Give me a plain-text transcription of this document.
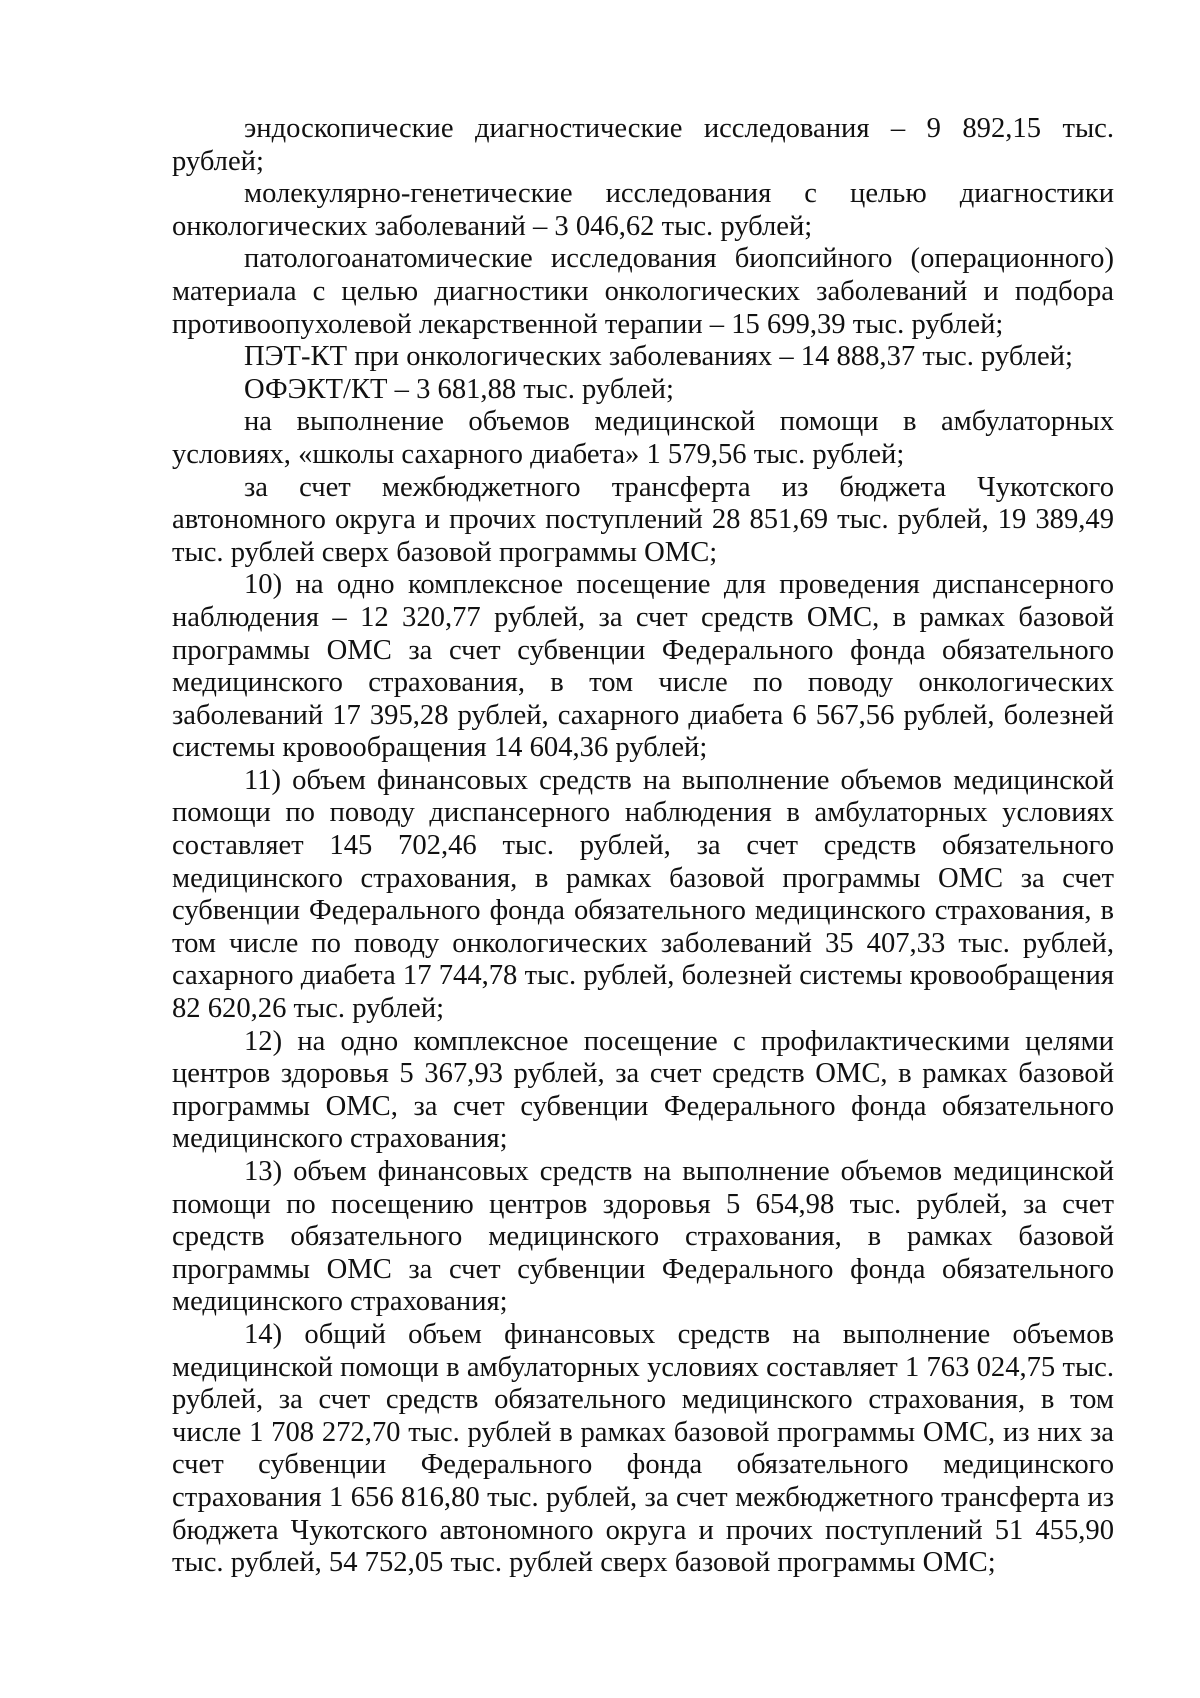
эндоскопические диагностические исследования – 9 892,15 тыс. рублей;

молекулярно-генетические исследования с целью диагностики онкологических заболеваний – 3 046,62 тыс. рублей;

патологоанатомические исследования биопсийного (операционного) материала с целью диагностики онкологических заболеваний и подбора противоопухолевой лекарственной терапии – 15 699,39 тыс. рублей;

ПЭТ-КТ при онкологических заболеваниях – 14 888,37 тыс. рублей;

ОФЭКТ/КТ – 3 681,88 тыс. рублей;

на выполнение объемов медицинской помощи в амбулаторных условиях, «школы сахарного диабета» 1 579,56 тыс. рублей;

за счет межбюджетного трансферта из бюджета Чукотского автономного округа и прочих поступлений 28 851,69 тыс. рублей, 19 389,49 тыс. рублей сверх базовой программы ОМС;

10) на одно комплексное посещение для проведения диспансерного наблюдения – 12 320,77 рублей, за счет средств ОМС, в рамках базовой программы ОМС за счет субвенции Федерального фонда обязательного медицинского страхования, в том числе по поводу онкологических заболеваний 17 395,28 рублей, сахарного диабета 6 567,56 рублей, болезней системы кровообращения 14 604,36 рублей;

11) объем финансовых средств на выполнение объемов медицинской помощи по поводу диспансерного наблюдения в амбулаторных условиях составляет 145 702,46 тыс. рублей, за счет средств обязательного медицинского страхования, в рамках базовой программы ОМС за счет субвенции Федерального фонда обязательного медицинского страхования, в том числе по поводу онкологических заболеваний 35 407,33 тыс. рублей, сахарного диабета 17 744,78 тыс. рублей, болезней системы кровообращения 82 620,26 тыс. рублей;

12) на одно комплексное посещение с профилактическими целями центров здоровья 5 367,93 рублей, за счет средств ОМС, в рамках базовой программы ОМС, за счет субвенции Федерального фонда обязательного медицинского страхования;

13) объем финансовых средств на выполнение объемов медицинской помощи по посещению центров здоровья 5 654,98 тыс. рублей, за счет средств обязательного медицинского страхования, в рамках базовой программы ОМС за счет субвенции Федерального фонда обязательного медицинского страхования;

14) общий объем финансовых средств на выполнение объемов медицинской помощи в амбулаторных условиях составляет 1 763 024,75 тыс. рублей, за счет средств обязательного медицинского страхования, в том числе 1 708 272,70 тыс. рублей в рамках базовой программы ОМС, из них за счет субвенции Федерального фонда обязательного медицинского страхования 1 656 816,80 тыс. рублей, за счет межбюджетного трансферта из бюджета Чукотского автономного округа и прочих поступлений 51 455,90 тыс. рублей, 54 752,05 тыс. рублей сверх базовой программы ОМС;
